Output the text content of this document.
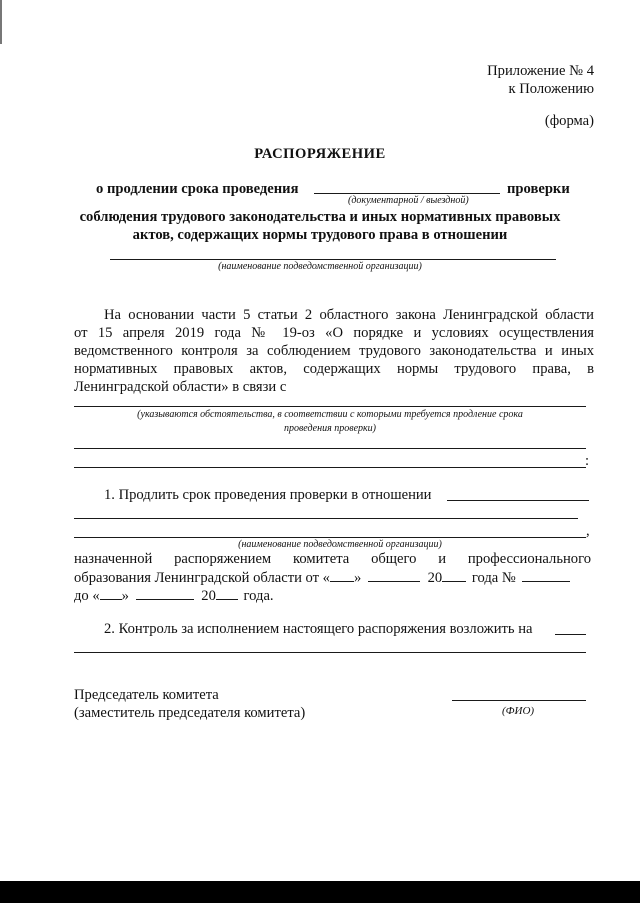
Приложение № 4
к Положению
(форма)
РАСПОРЯЖЕНИЕ
о продлении срока проведения	проверки
(документарной / выездной)
соблюдения трудового законодательства и иных нормативных правовых
актов, содержащих нормы трудового права в отношении
(наименование подведомственной организации)
На основании части 5 статьи 2 областного закона Ленинградской области
от 15 апреля 2019 года № 19-оз «О порядке и условиях осуществления
ведомственного контроля за соблюдением трудового законодательства и иных
нормативных правовых актов, содержащих нормы трудового права, в
Ленинградской области» в связи с
(указываются обстоятельства, в соответствии с которыми требуется продление срока
проведения проверки)
:
1. Продлить срок проведения проверки в отношении
,
(наименование подведомственной организации)
назначенной распоряжением комитета общего и профессионального
образования Ленинградской области от « »	20 года №
до « »	20 года.
2. Контроль за исполнением настоящего распоряжения возложить на
Председатель комитета
(заместитель председателя комитета)	(ФИО)
